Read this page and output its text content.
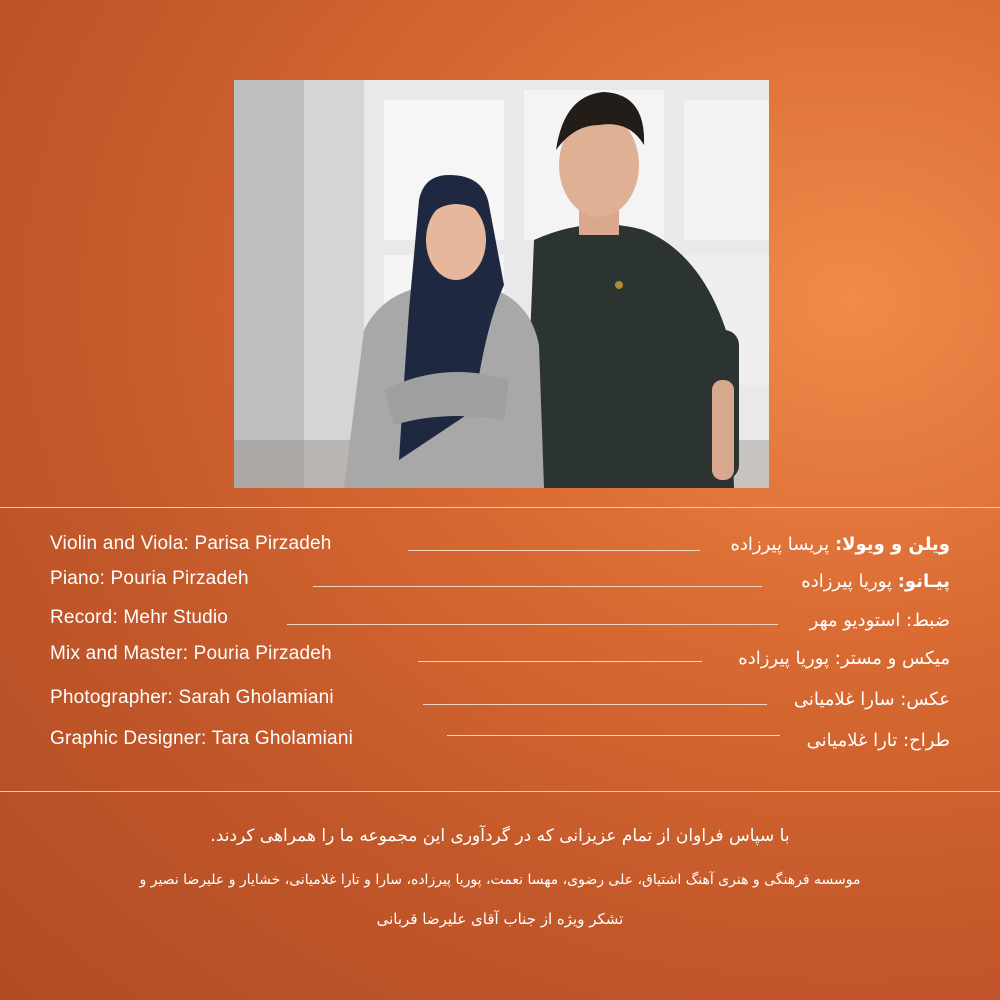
Violin and Viola: Parisa Pirzadeh	ویلن و ویولا: پریسا پیرزاده
Piano: Pouria Pirzadeh	پیـانو: پوریا پیرزاده
Record: Mehr Studio	ضبط: استودیو مهر
Mix and Master: Pouria Pirzadeh	میکس و مستر: پوریا پیرزاده
Photographer: Sarah Gholamiani	عکس: سارا غلامیانی
Graphic Designer: Tara Gholamiani	طراح: تارا غلامیانی
با سپاس فراوان از تمام عزیزانی که در گردآوری این مجموعه ما را همراهی کردند.
موسسه فرهنگی و هنری آهنگ اشتیاق، علی رضوی، مهسا نعمت، پوریا پیرزاده، سارا و تارا غلامیانی، خشایار و علیرضا نصیر و
تشکر ویژه از جناب آقای علیرضا قربانی
